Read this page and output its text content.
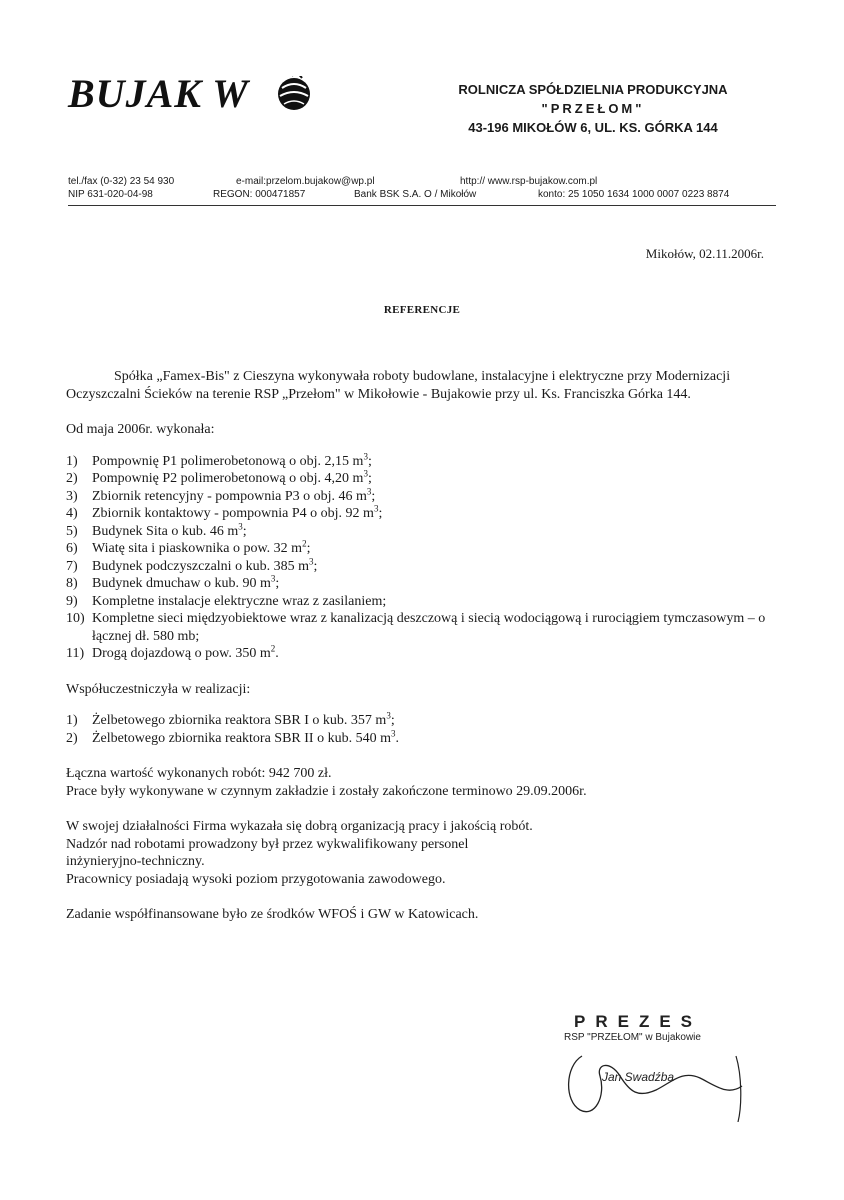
BUJAK W	ROLNICZA SPÓŁDZIELNIA PRODUKCYJNA
"PRZEŁOM"
43-196 MIKOŁÓW 6, UL. KS. GÓRKA 144
tel./fax (0-32) 23 54 930	e-mail:przelom.bujakow@wp.pl	http:// www.rsp-bujakow.com.pl
NIP 631-020-04-98	REGON: 000471857	Bank BSK S.A. O / Mikołów	konto: 25 1050 1634 1000 0007 0223 8874
Mikołów, 02.11.2006r.
REFERENCJE

Spółka „Famex-Bis" z Cieszyna wykonywała roboty budowlane, instalacyjne i elektryczne przy Modernizacji Oczyszczalni Ścieków na terenie RSP „Przełom" w Mikołowie - Bujakowie przy ul. Ks. Franciszka Górka 144.

Od maja 2006r. wykonała:

1) Pompownię P1 polimerobetonową o obj. 2,15 $m^3$;
2) Pompownię P2 polimerobetonową o obj. 4,20 $m^3$;
3) Zbiornik retencyjny - pompownia P3 o obj. 46 $m^3$;
4) Zbiornik kontaktowy - pompownia P4 o obj. 92 $m^3$;
5) Budynek Sita o kub. 46 $m^3$;
6) Wiatę sita i piaskownika o pow. 32 $m^2$;
7) Budynek podczyszczalni o kub. 385 $m^3$;
8) Budynek dmuchaw o kub. 90 $m^3$;
9) Kompletne instalacje elektryczne wraz z zasilaniem;
10) Kompletne sieci międzyobiektowe wraz z kanalizacją deszczową i siecią wodociągową i rurociągiem tymczasowym – o łącznej dł. 580 mb;
11) Drogą dojazdową o pow. 350 $m^2$.

Współuczestniczyła w realizacji:

1) Żelbetowego zbiornika reaktora SBR I o kub. 357 $m^3$;
2) Żelbetowego zbiornika reaktora SBR II o kub. 540 $m^3$.

Łączna wartość wykonanych robót: 942 700 zł.

Prace były wykonywane w czynnym zakładzie i zostały zakończone terminowo 29.09.2006r.

W swojej działalności Firma wykazała się dobrą organizacją pracy i jakością robót.

Nadzór nad robotami prowadzony był przez wykwalifikowany personel

inżynieryjno-techniczny.

Pracownicy posiadają wysoki poziom przygotowania zawodowego.

Zadanie współfinansowane było ze środków WFOŚ i GW w Katowicach.

PREZES
RSP "PRZEŁOM" w Bujakowie
Jan Swadźba
